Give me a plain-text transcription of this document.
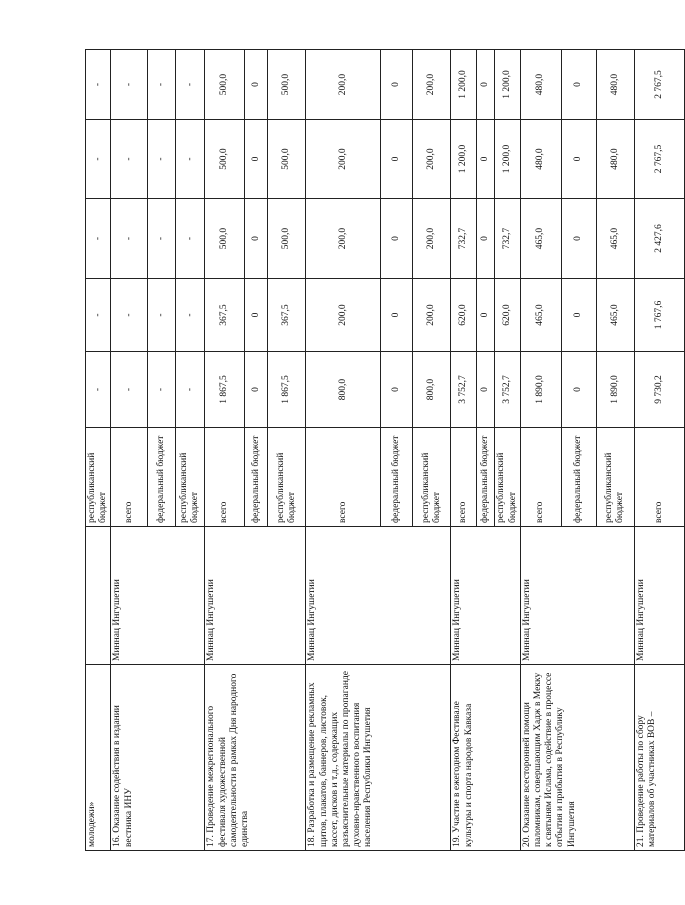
молодежи»		республиканский бюджет	-	-	-	-	-
16. Оказание содействия в издании вестника ИНУ	Миннац Ингушетии	всего	-	-	-	-	-
		федеральный бюджет	-	-	-	-	-
		республиканский бюджет	-	-	-	-	-
17. Проведение межрегионального фестиваля художественной самодеятельности в рамках Дня народного единства	Миннац Ингушетии	всего	1 867,5	367,5	500,0	500,0	500,0
		федеральный бюджет	0	0	0	0	0
		республиканский бюджет	1 867,5	367,5	500,0	500,0	500,0
18. Разработка и размещение рекламных щитов, плакатов, баннеров, листовок, кассет, дисков и т.д., содержащих разъяснительные материалы по пропаганде духовно-нравственного воспитания населения Республики Ингушетия	Миннац Ингушетии	всего	800,0	200,0	200,0	200,0	200,0
		федеральный бюджет	0	0	0	0	0
		республиканский бюджет	800,0	200,0	200,0	200,0	200,0
19. Участие в ежегодном Фестивале культуры и спорта народов Кавказа	Миннац Ингушетии	всего	3 752,7	620,0	732,7	1 200,0	1 200,0
		федеральный бюджет	0	0	0	0	0
		республиканский бюджет	3 752,7	620,0	732,7	1 200,0	1 200,0
20. Оказание всесторонней помощи паломникам, совершающим Хадж в Мекку к святыням Ислама, содействие в процессе отбытия и прибытия в Республику Ингушетия	Миннац Ингушетии	всего	1 890,0	465,0	465,0	480,0	480,0
		федеральный бюджет	0	0	0	0	0
		республиканский бюджет	1 890,0	465,0	465,0	480,0	480,0
21. Проведение работы по сбору материалов об участниках ВОВ –	Миннац Ингушетии	всего	9 730,2	1 767,6	2 427,6	2 767,5	2 767,5
